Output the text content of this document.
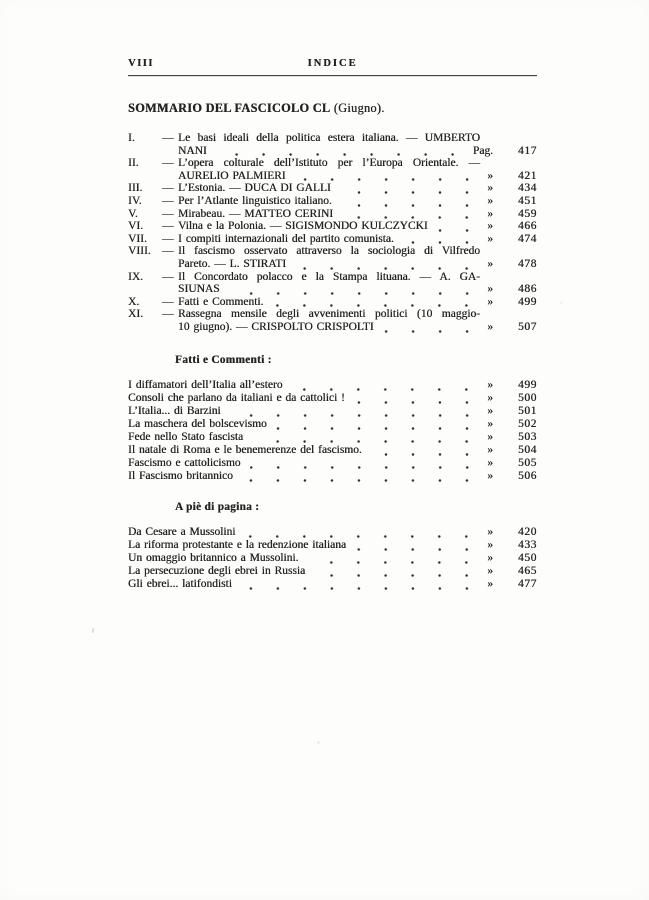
VIII	INDICE
SOMMARIO DEL FASCICOLO CL (Giugno).
I.	— Le basi ideali della politica estera italiana. — UMBERTO
NANI	Pag.	417
II.	— L’opera colturale dell’Istituto per l’Europa Orientale. —
AURELIO PALMIERI	»	421
III.	— L’Estonia. — DUCA DI GALLI	»	434
IV.	— Per l’Atlante linguistico italiano.	»	451
V.	— Mirabeau. — MATTEO CERINI	»	459
VI.	— Vilna e la Polonia. — SIGISMONDO KULCZYCKI	»	466
VII.	— I compiti internazionali del partito comunista.	»	474
VIII. — Il fascismo osservato attraverso la sociologia di Vilfredo
Pareto. — L. STIRATI	»	478
IX.	— Il Concordato polacco e la Stampa lituana. — A. GA-
SIUNAS	»	486
X.	— Fatti e Commenti.	»	499
XI.	— Rassegna mensile degli avvenimenti politici (10 maggio-
10 giugno). — CRISPOLTO CRISPOLTI	»	507
Fatti e Commenti :
I diffamatori dell’Italia all’estero	»	499
Consoli che parlano da italiani e da cattolici !	»	500
L’Italia... di Barzini	»	501
La maschera del bolscevismo	»	502
Fede nello Stato fascista	»	503
Il natale di Roma e le benemerenze del fascismo.	»	504
Fascismo e cattolicismo	»	505
Il Fascismo britannico	»	506
A piè di pagina :
Da Cesare a Mussolini	»	420
La riforma protestante e la redenzione italiana	»	433
Un omaggio britannico a Mussolini.	»	450
La persecuzione degli ebrei in Russia	»	465
Gli ebrei... latifondisti	»	477
